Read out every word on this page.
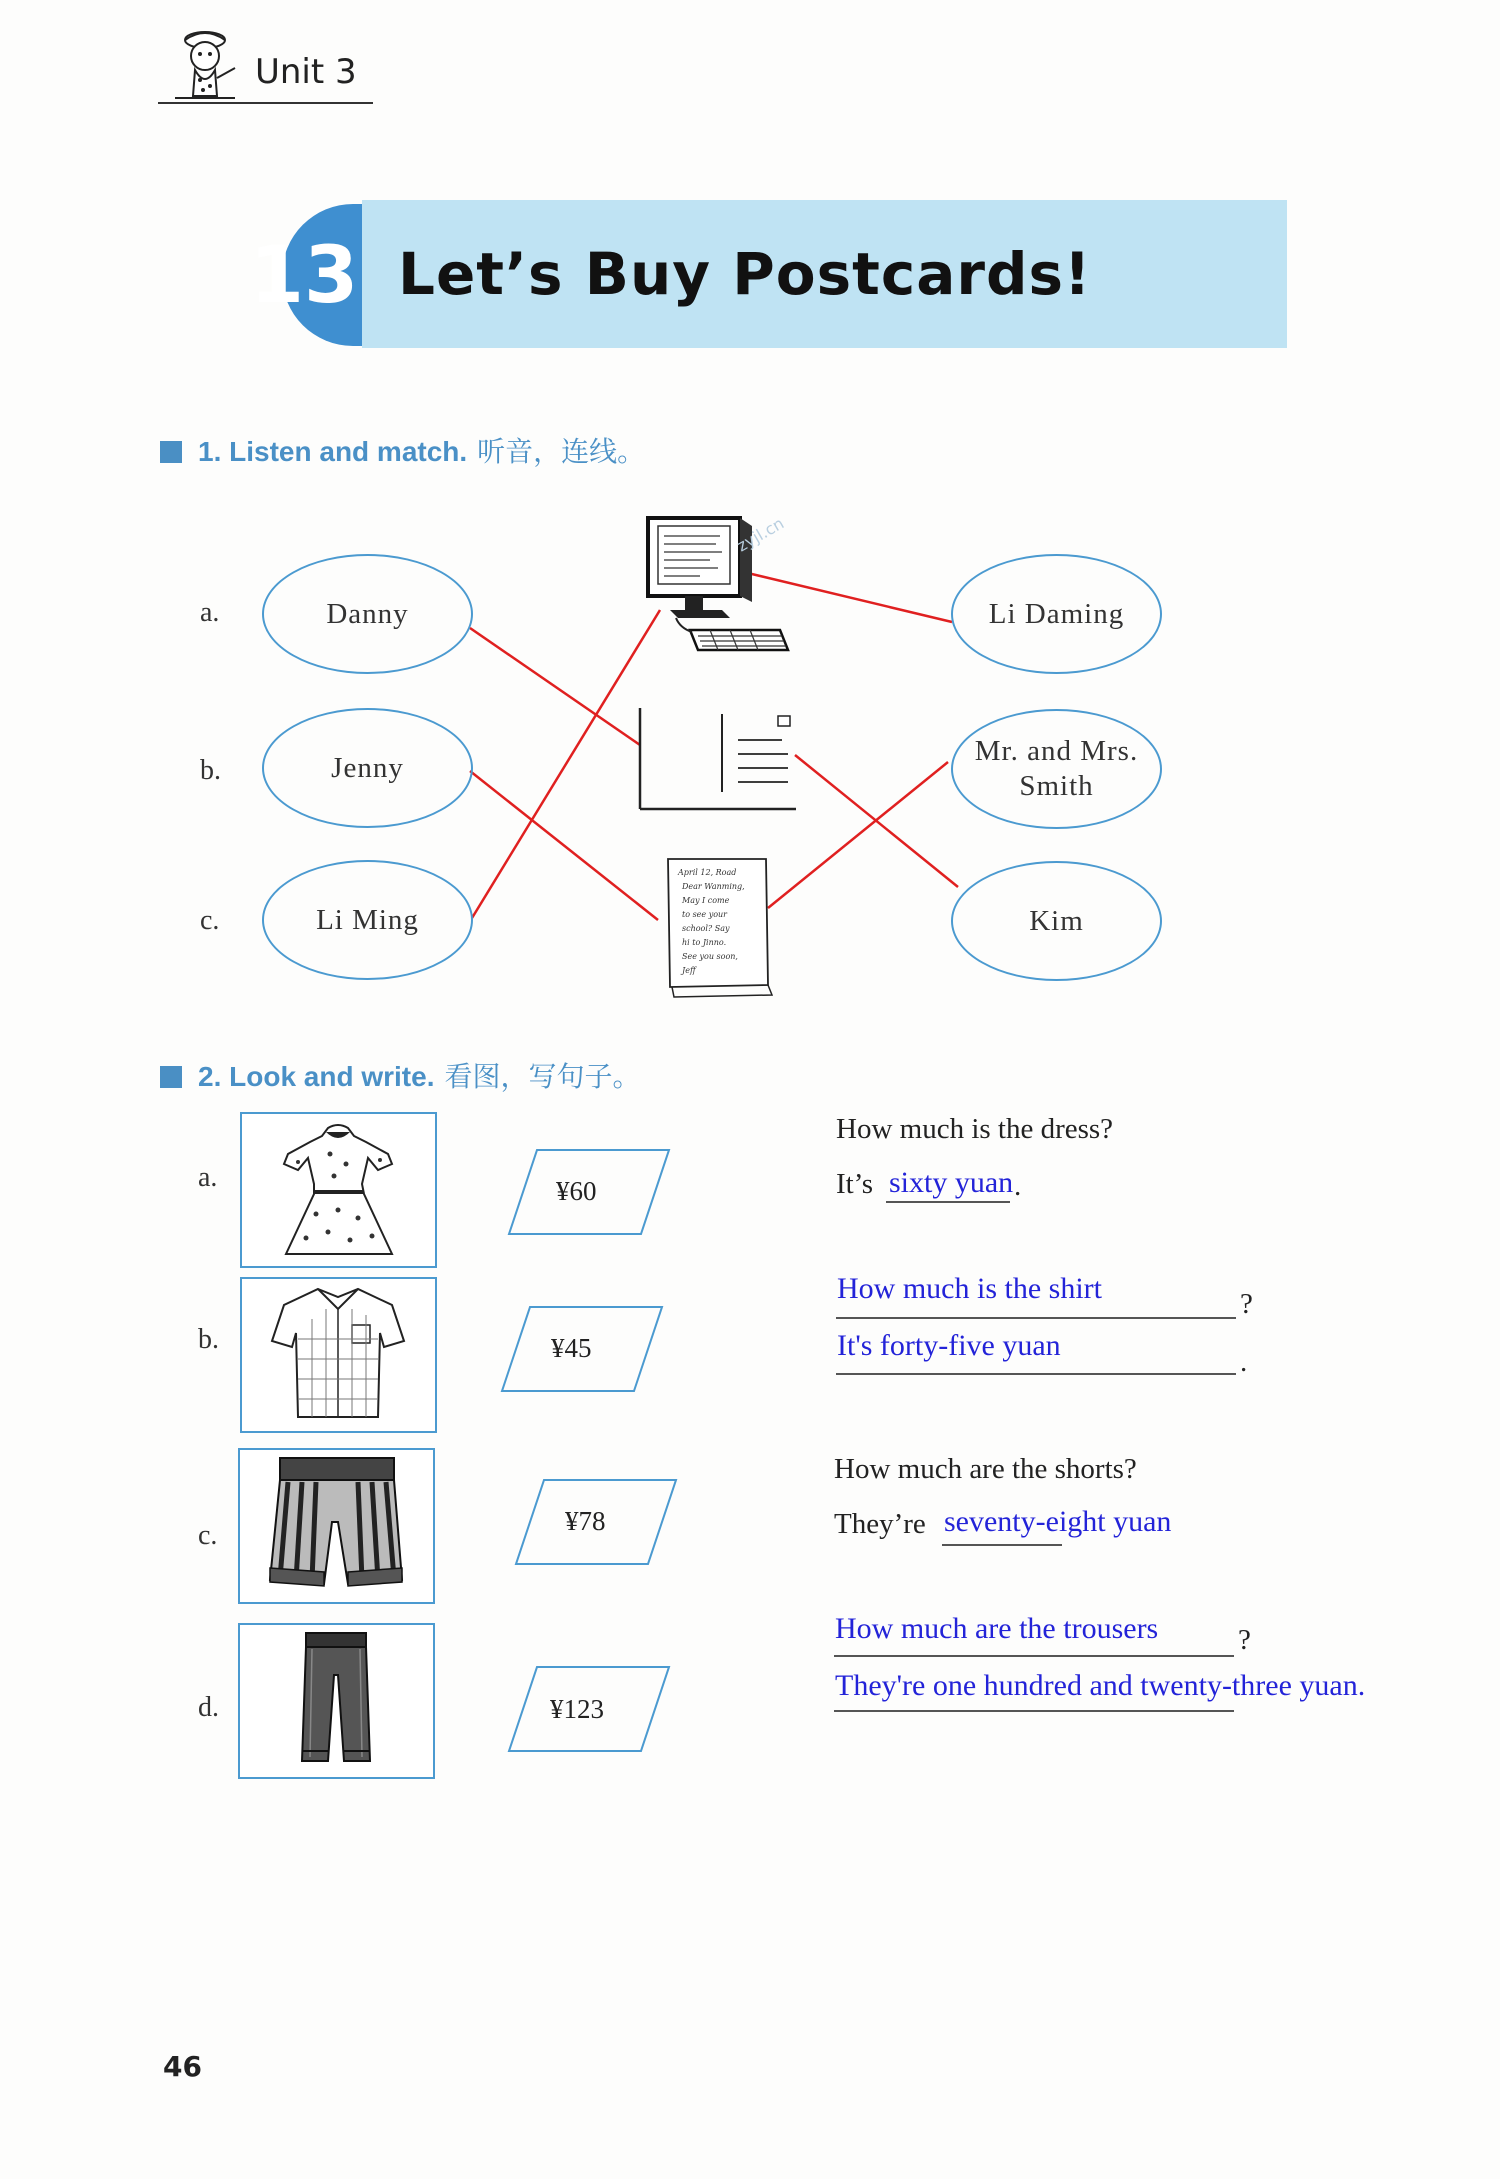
Unit 3
13 Let’s Buy Postcards!
1. Listen and match. 听音，连线。
a.
b.
c.
Danny
Jenny
Li Ming
Li Daming
Mr. and Mrs. Smith
Kim
zyjl.cn
April 12, Road Dear Wanming, May I come to see your school? Say hi to Jinno. See you soon, Jeff
2. Look and write. 看图，写句子。
a.
b.
c.
d.
¥60
¥45
¥78
¥123
How much is the dress?
It’s sixty yuan .
How much is the shirt	?
It's forty-five yuan	.
How much are the shorts?
They’re seventy-eight yuan
How much are the trousers	?
They're one hundred and twenty-three yuan.
46
